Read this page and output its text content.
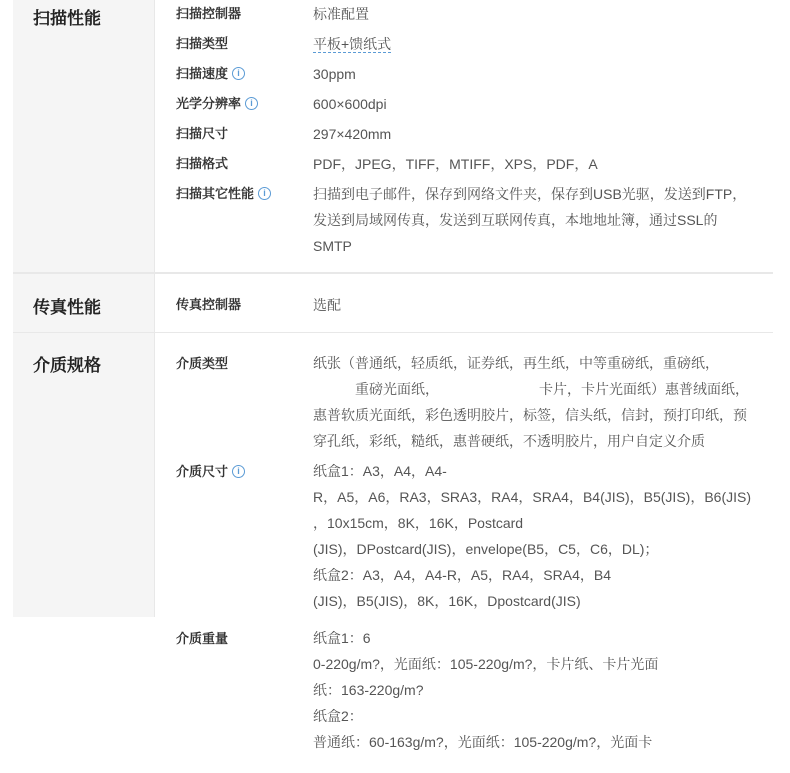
扫描性能	扫描控制器	标准配置
扫描类型	平板+馈纸式
扫描速度 i	30ppm
光学分辨率 i	600×600dpi
扫描尺寸	297×420mm
扫描格式	PDF，JPEG，TIFF，MTIFF，XPS，PDF，A
扫描其它性能 i	扫描到电子邮件，保存到网络文件夹，保存到USB光驱，发送到FTP，
发送到局域网传真，发送到互联网传真，本地地址簿，通过SSL的
SMTP
传真性能	传真控制器	选配
介质规格	介质类型	纸张（普通纸，轻质纸，证券纸，再生纸，中等重磅纸，重磅纸，
重磅光面纸，	卡片，卡片光面纸）惠普绒面纸，
惠普软质光面纸，彩色透明胶片，标签，信头纸，信封，预打印纸，预
穿孔纸，彩纸，糙纸，惠普硬纸，不透明胶片，用户自定义介质
介质尺寸 i	纸盒1：A3，A4，A4-
R，A5，A6，RA3，SRA3，RA4，SRA4，B4(JIS)，B5(JIS)，B6(JIS)
，10x15cm，8K，16K，Postcard
(JIS)，DPostcard(JIS)，envelope(B5，C5，C6，DL)；
纸盒2：A3，A4，A4-R，A5，RA4，SRA4，B4
(JIS)，B5(JIS)，8K，16K，Dpostcard(JIS)
介质重量	纸盒1：6
0-220g/m?，光面纸：105-220g/m?，卡片纸、卡片光面
纸：163-220g/m?
纸盒2：
普通纸：60-163g/m?，光面纸：105-220g/m?，光面卡
